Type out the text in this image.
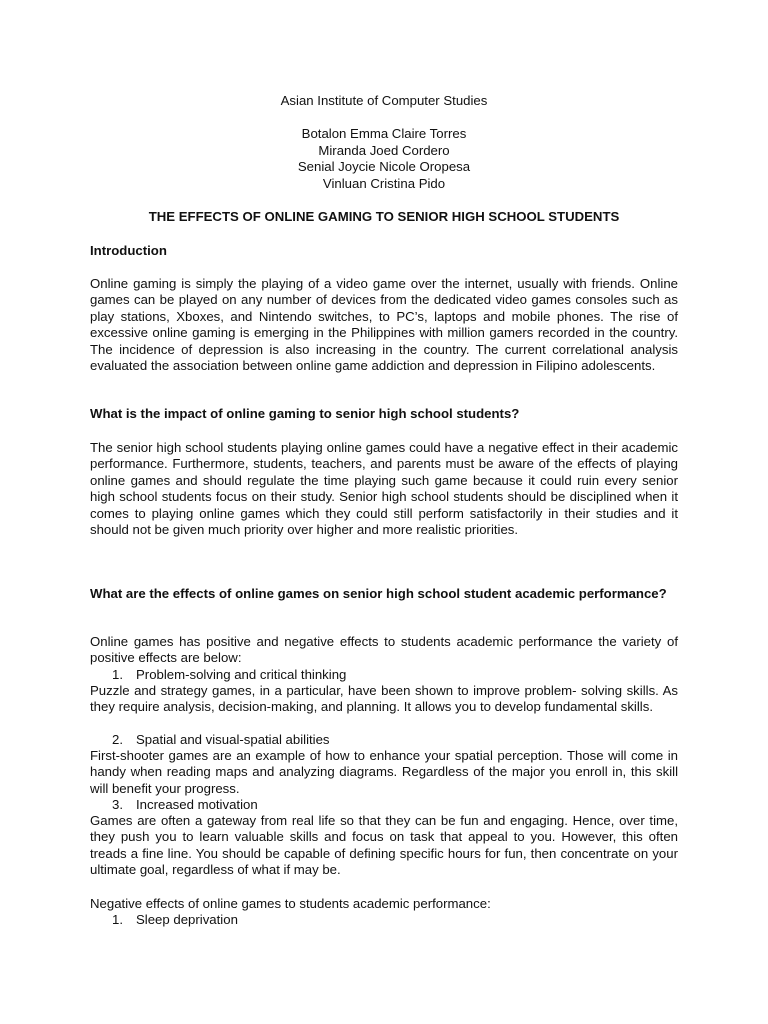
Asian Institute of Computer Studies
Botalon Emma Claire Torres
Miranda Joed Cordero
Senial Joycie Nicole Oropesa
Vinluan Cristina Pido
THE EFFECTS OF ONLINE GAMING TO SENIOR HIGH SCHOOL STUDENTS

Introduction

Online gaming is simply the playing of a video game over the internet, usually with friends. Online games can be played on any number of devices from the dedicated video games consoles such as play stations, Xboxes, and Nintendo switches, to PC’s, laptops and mobile phones. The rise of excessive online gaming is emerging in the Philippines with million gamers recorded in the country. The incidence of depression is also increasing in the country. The current correlational analysis evaluated the association between online game addiction and depression in Filipino adolescents.

What is the impact of online gaming to senior high school students?

The senior high school students playing online games could have a negative effect in their academic performance. Furthermore, students, teachers, and parents must be aware of the effects of playing online games and should regulate the time playing such game because it could ruin every senior high school students focus on their study. Senior high school students should be disciplined when it comes to playing online games which they could still perform satisfactorily in their studies and it should not be given much priority over higher and more realistic priorities.

What are the effects of online games on senior high school student academic performance?

Online games has positive and negative effects to students academic performance the variety of positive effects are below:

1. Problem-solving and critical thinking

Puzzle and strategy games, in a particular, have been shown to improve problem- solving skills. As they require analysis, decision-making, and planning. It allows you to develop fundamental skills.

2. Spatial and visual-spatial abilities

First-shooter games are an example of how to enhance your spatial perception. Those will come in handy when reading maps and analyzing diagrams. Regardless of the major you enroll in, this skill will benefit your progress.

3. Increased motivation

Games are often a gateway from real life so that they can be fun and engaging. Hence, over time, they push you to learn valuable skills and focus on task that appeal to you. However, this often treads a fine line. You should be capable of defining specific hours for fun, then concentrate on your ultimate goal, regardless of what if may be.

Negative effects of online games to students academic performance:

1. Sleep deprivation
